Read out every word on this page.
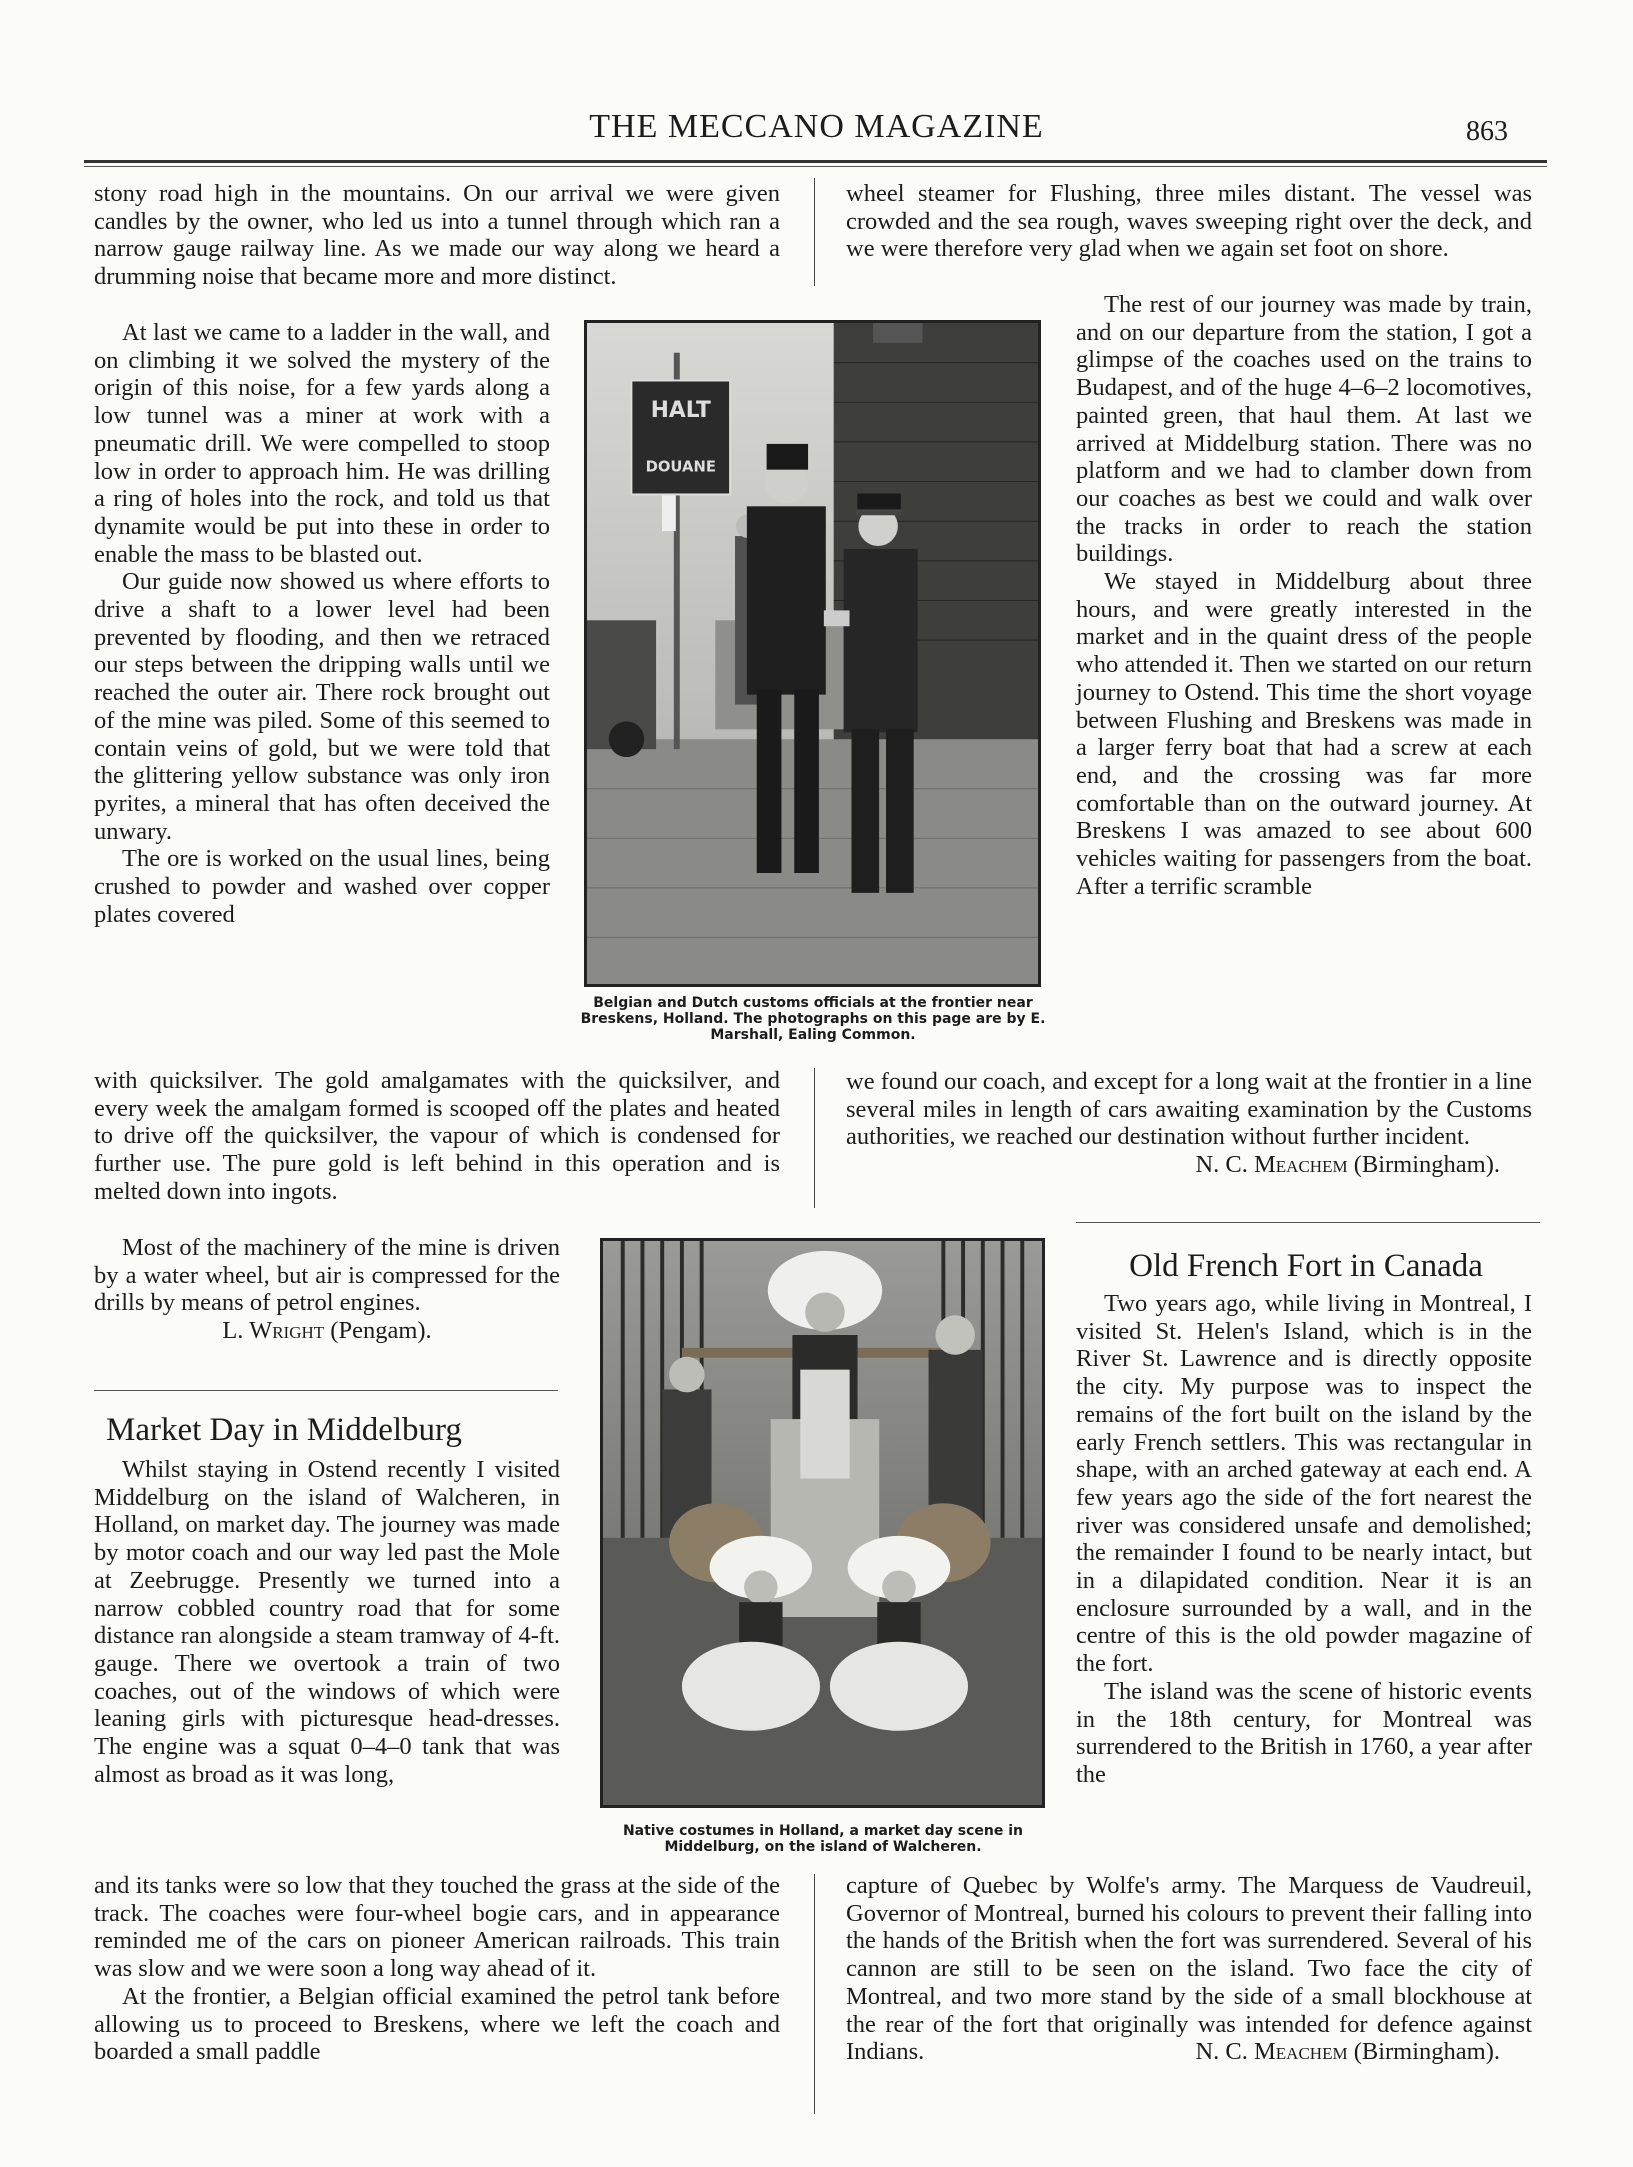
THE MECCANO MAGAZINE	863

stony road high in the mountains. On our arrival we were given candles by the owner, who led us into a tunnel through which ran a narrow gauge railway line. As we made our way along we heard a drumming noise that became more and more distinct.

At last we came to a ladder in the wall, and on climbing it we solved the mystery of the origin of this noise, for a few yards along a low tunnel was a miner at work with a pneumatic drill. We were compelled to stoop low in order to approach him. He was drilling a ring of holes into the rock, and told us that dynamite would be put into these in order to enable the mass to be blasted out.

Our guide now showed us where efforts to drive a shaft to a lower level had been prevented by flooding, and then we retraced our steps between the dripping walls until we reached the outer air. There rock brought out of the mine was piled. Some of this seemed to contain veins of gold, but we were told that the glittering yellow substance was only iron pyrites, a mineral that has often deceived the unwary.

The ore is worked on the usual lines, being crushed to powder and washed over copper plates covered

with quicksilver. The gold amalgamates with the quicksilver, and every week the amalgam formed is scooped off the plates and heated to drive off the quicksilver, the vapour of which is condensed for further use. The pure gold is left behind in this operation and is melted down into ingots.

Most of the machinery of the mine is driven by a water wheel, but air is compressed for the drills by means of petrol engines.

L. Wright (Pengam).

Market Day in Middelburg

Whilst staying in Ostend recently I visited Middelburg on the island of Walcheren, in Holland, on market day. The journey was made by motor coach and our way led past the Mole at Zeebrugge. Presently we turned into a narrow cobbled country road that for some distance ran alongside a steam tramway of 4-ft. gauge. There we overtook a train of two coaches, out of the windows of which were leaning girls with picturesque head-dresses. The engine was a squat 0–4–0 tank that was almost as broad as it was long,

and its tanks were so low that they touched the grass at the side of the track. The coaches were four-wheel bogie cars, and in appearance reminded me of the cars on pioneer American railroads. This train was slow and we were soon a long way ahead of it.

At the frontier, a Belgian official examined the petrol tank before allowing us to proceed to Breskens, where we left the coach and boarded a small paddle

wheel steamer for Flushing, three miles distant. The vessel was crowded and the sea rough, waves sweeping right over the deck, and we were therefore very glad when we again set foot on shore.

The rest of our journey was made by train, and on our departure from the station, I got a glimpse of the coaches used on the trains to Budapest, and of the huge 4–6–2 locomotives, painted green, that haul them. At last we arrived at Middelburg station. There was no platform and we had to clamber down from our coaches as best we could and walk over the tracks in order to reach the station buildings.

We stayed in Middelburg about three hours, and were greatly interested in the market and in the quaint dress of the people who attended it. Then we started on our return journey to Ostend. This time the short voyage between Flushing and Breskens was made in a larger ferry boat that had a screw at each end, and the crossing was far more comfortable than on the outward journey. At Breskens I was amazed to see about 600 vehicles waiting for passengers from the boat. After a terrific scramble

we found our coach, and except for a long wait at the frontier in a line several miles in length of cars awaiting examination by the Customs authorities, we reached our destination without further incident.

N. C. Meachem (Birmingham).

Old French Fort in Canada

Two years ago, while living in Montreal, I visited St. Helen's Island, which is in the River St. Lawrence and is directly opposite the city. My purpose was to inspect the remains of the fort built on the island by the early French settlers. This was rectangular in shape, with an arched gateway at each end. A few years ago the side of the fort nearest the river was considered unsafe and demolished; the remainder I found to be nearly intact, but in a dilapidated condition. Near it is an enclosure surrounded by a wall, and in the centre of this is the old powder magazine of the fort.

The island was the scene of historic events in the 18th century, for Montreal was surrendered to the British in 1760, a year after the

capture of Quebec by Wolfe's army. The Marquess de Vaudreuil, Governor of Montreal, burned his colours to prevent their falling into the hands of the British when the fort was surrendered. Several of his cannon are still to be seen on the island. Two face the city of Montreal, and two more stand by the side of a small blockhouse at the rear of the fort that originally was intended for defence against Indians.	N. C. Meachem (Birmingham).

HALT
DOUANE

Belgian and Dutch customs officials at the frontier near Breskens, Holland. The photographs on this page are by E. Marshall, Ealing Common.

Native costumes in Holland, a market day scene in Middelburg, on the island of Walcheren.
